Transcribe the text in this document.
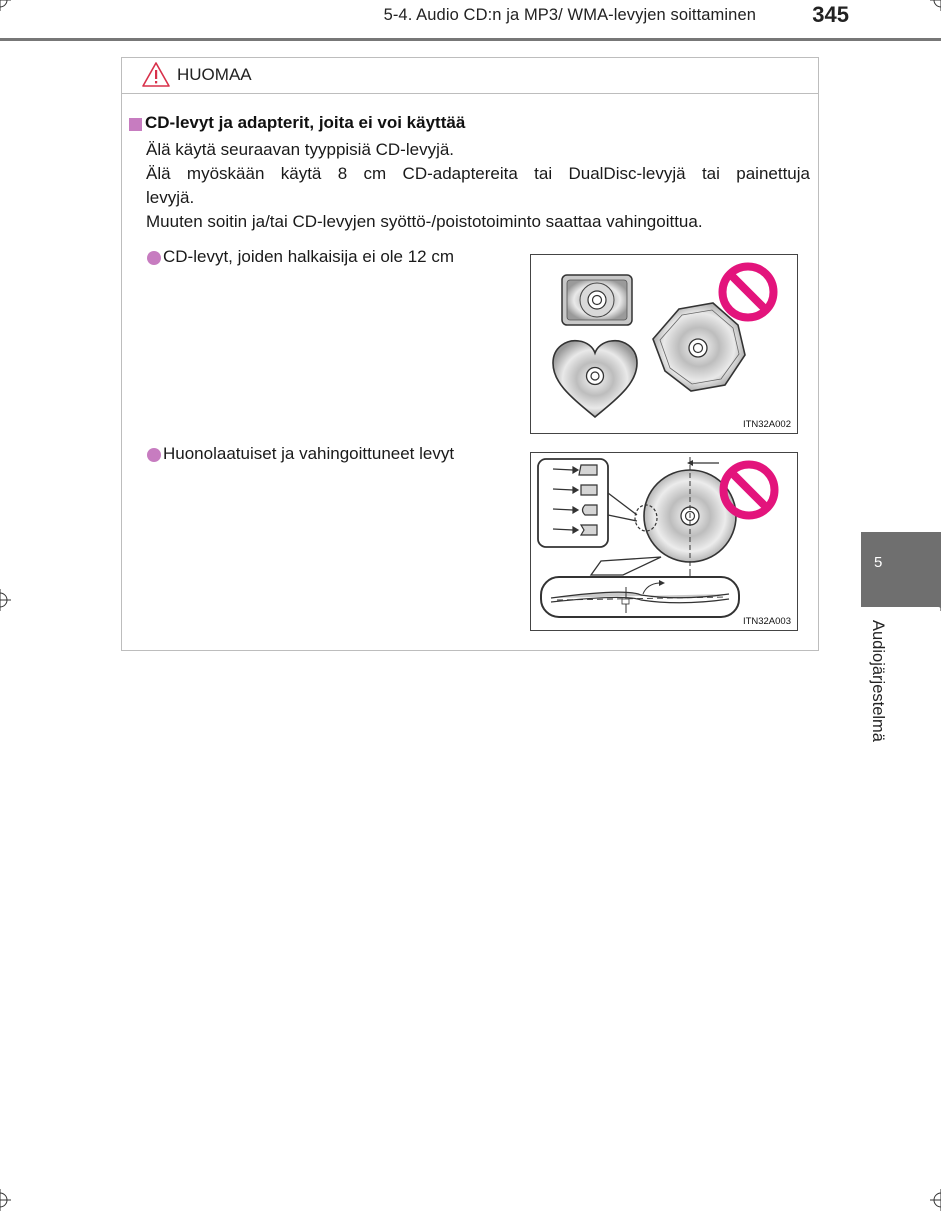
5-4. Audio CD:n ja MP3/ WMA-levyjen soittaminen	345
HUOMAA
CD-levyt ja adapterit, joita ei voi käyttää

Älä käytä seuraavan tyyppisiä CD-levyjä.

Älä myöskään käytä 8 cm CD-adaptereita tai DualDisc-levyjä tai painettuja

levyjä.

Muuten soitin ja/tai CD-levyjen syöttö-/poistotoiminto saattaa vahingoittua.

CD-levyt, joiden halkaisija ei ole 12 cm
ITN32A002
Huonolaatuiset ja vahingoittuneet levyt
ITN32A003
5
Audiojärjestelmä
